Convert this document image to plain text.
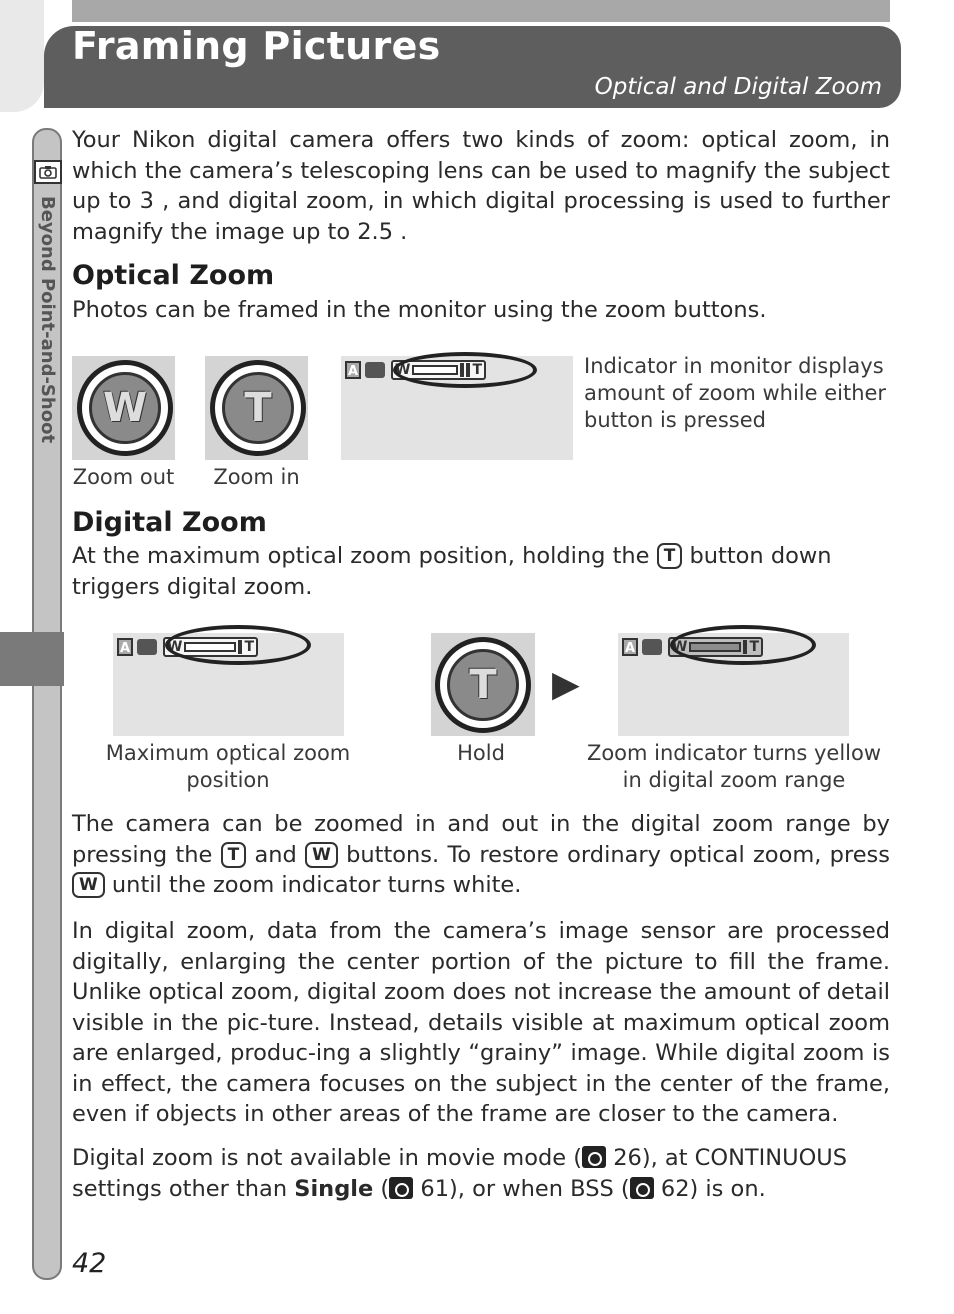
Framing Pictures
Optical and Digital Zoom
Beyond Point-and-Shoot

Your Nikon digital camera offers two kinds of zoom: optical zoom, in which the camera’s telescoping lens can be used to magnify the subject up to 3 , and digital zoom, in which digital processing is used to further magnify the image up to 2.5 .

Optical Zoom

Photos can be framed in the monitor using the zoom buttons.

W	T
Zoom out	Zoom in
A	W	T	Indicator in monitor displays amount of zoom while either button is pressed
Digital Zoom

At the maximum optical zoom position, holding the T button down triggers digital zoom.

A	W	T
T	▶
A	W	T
Maximum optical zoom
position
Hold	Zoom indicator turns yellow
in digital zoom range

The camera can be zoomed in and out in the digital zoom range by pressing the T and W buttons. To restore ordinary optical zoom, press W until the zoom indicator turns white.

In digital zoom, data from the camera’s image sensor are processed digitally, enlarging the center portion of the picture to fill the frame. Unlike optical zoom, digital zoom does not increase the amount of detail visible in the pic-ture. Instead, details visible at maximum optical zoom are enlarged, produc-ing a slightly “grainy” image. While digital zoom is in effect, the camera focuses on the subject in the center of the frame, even if objects in other areas of the frame are closer to the camera.

Digital zoom is not available in movie mode ( 26), at CONTINUOUS settings other than Single ( 61), or when BSS ( 62) is on.

42
